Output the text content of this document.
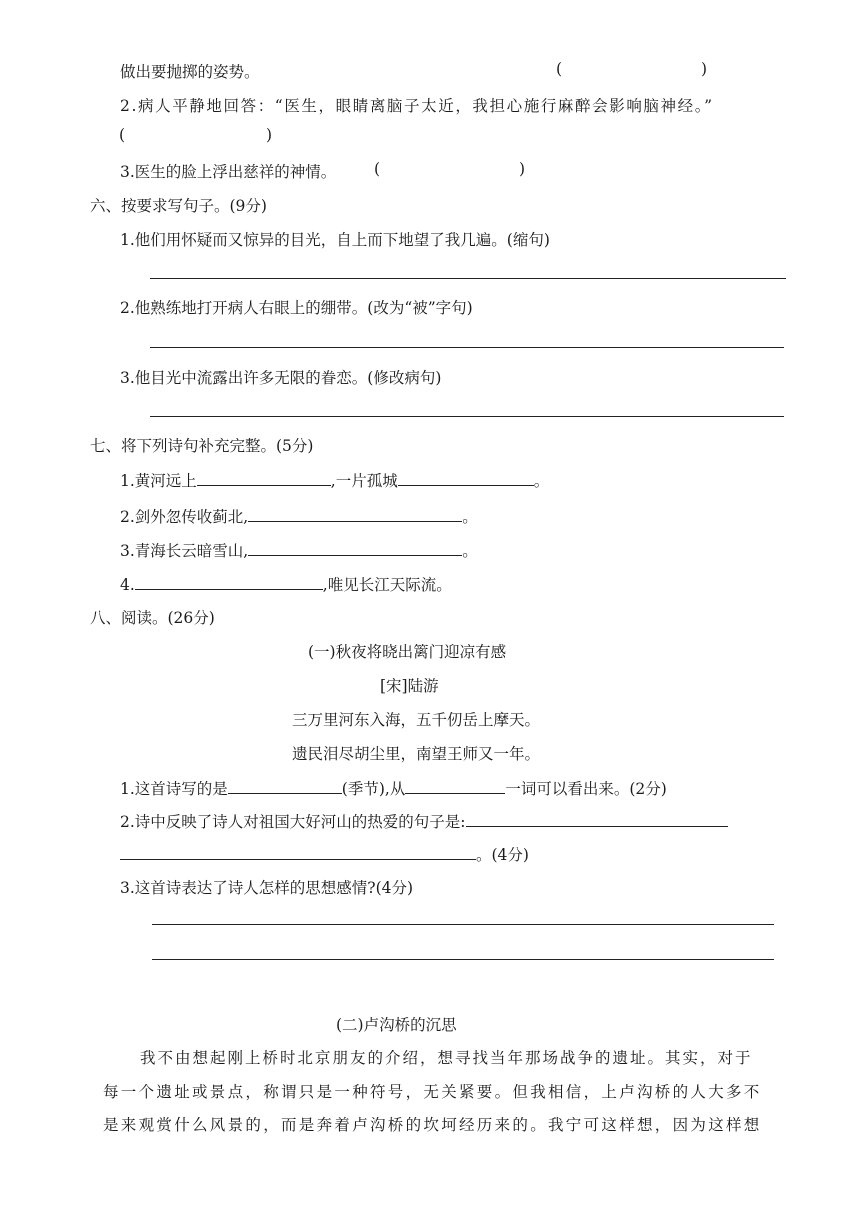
做出要抛掷的姿势。	(	)
2.病人平静地回答：“医生，眼睛离脑子太近，我担心施行麻醉会影响脑神经。”
(	)
3.医生的脸上浮出慈祥的神情。 (	)
六、按要求写句子。(9分)
1.他们用怀疑而又惊异的目光，自上而下地望了我几遍。(缩句)
2.他熟练地打开病人右眼上的绷带。(改为“被”字句)
3.他目光中流露出许多无限的眷恋。(修改病句)
七、将下列诗句补充完整。(5分)
1.黄河远上	,一片孤城	。
2.剑外忽传收蓟北,	。
3.青海长云暗雪山,	。
4.	,唯见长江天际流。
八、阅读。(26分)
(一)秋夜将晓出篱门迎凉有感
[宋]陆游
三万里河东入海，五千仞岳上摩天。
遗民泪尽胡尘里，南望王师又一年。
1.这首诗写的是	(季节),从	一词可以看出来。(2分)
2.诗中反映了诗人对祖国大好河山的热爱的句子是:
。(4分)
3.这首诗表达了诗人怎样的思想感情?(4分)
(二)卢沟桥的沉思
我不由想起刚上桥时北京朋友的介绍，想寻找当年那场战争的遗址。其实，对于
每一个遗址或景点，称谓只是一种符号，无关紧要。但我相信，上卢沟桥的人大多不
是来观赏什么风景的，而是奔着卢沟桥的坎坷经历来的。我宁可这样想，因为这样想
